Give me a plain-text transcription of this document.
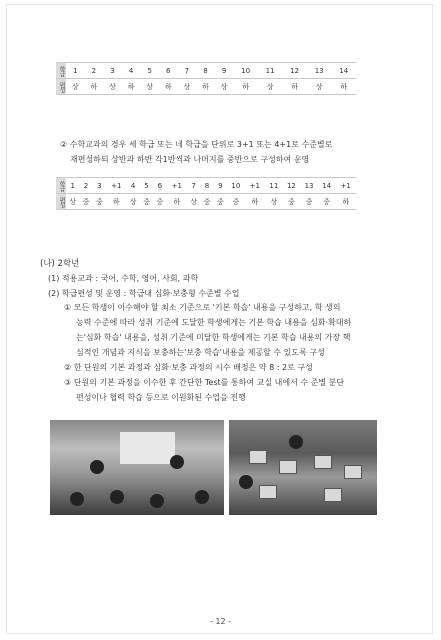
학급	1	2	3	4	5	6	7	8	9	10	11	12	13	14
편성	상	하	상	하	상	하	상	하	상	하	상	하	상	하
② 수학교과의 경우 세 학급 또는 네 학급을 단위로 3+1 또는 4+1로 수준별로
재편성하되 상반과 하반 각1반씩과 나머지를 중반으로 구성하여 운영
학급	1	2	3	+1	4	5	6	+1	7	8	9	10	+1	11	12	13	14	+1
편성	상	중	중	하	상	중	중	하	상	중	중	중	하	상	중	중	중	하
(나) 2학년
(1) 적용교과 : 국어, 수학, 영어, 사회, 과학
(2) 학급편성 및 운영 : 학급내 심화·보충형 수준별 수업
① 모든 학생이 이수해야 할 최소 기준으로 '기본 학습' 내용을 구성하고, 학 생의
능력 수준에 따라 성취 기준에 도달한 학생에게는 기본 학습 내용을 심화·확대하
는'심화 학습' 내용을, 성취 기준에 미달한 학생에게는 기본 학습 내용의 가장 핵
심적인 개념과 지식을 보충하는'보충 학습'내용을 제공할 수 있도록 구성
② 한 단원의 기본 과정과 심화·보충 과정의 시수 배정은 약 8 : 2로 구성
③ 단원의 기본 과정을 이수한 후 간단한 Test를 통하여 교실 내에서 수 준별 분단
편성이나 협력 학습 등으로 이원화된 수업을 진행
- 12 -
